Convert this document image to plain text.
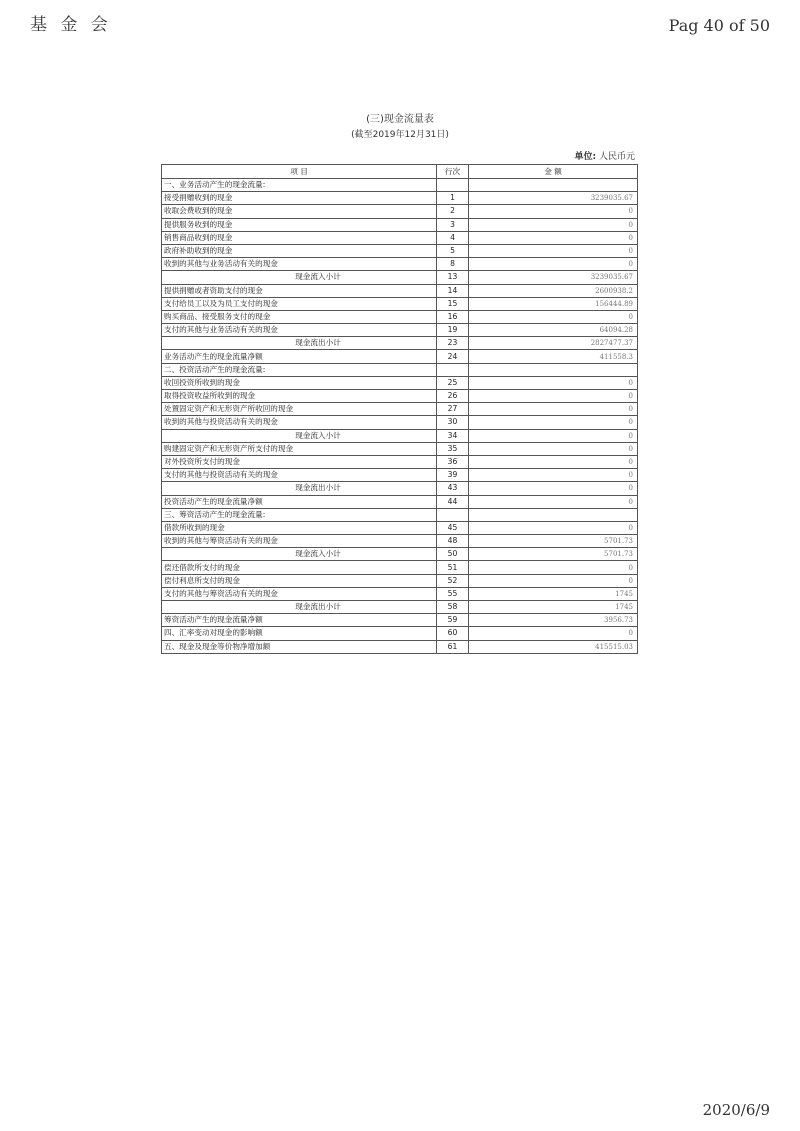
基 金 会	Pag 40 of 50
(三)现金流量表
(截至2019年12月31日)
单位: 人民币元
项 目	行次	金 额
一、业务活动产生的现金流量:		
接受捐赠收到的现金	1	3239035.67
收取会费收到的现金	2	0
提供服务收到的现金	3	0
销售商品收到的现金	4	0
政府补助收到的现金	5	0
收到的其他与业务活动有关的现金	8	0
现金流入小计	13	3239035.67
提供捐赠或者资助支付的现金	14	2600938.2
支付给员工以及为员工支付的现金	15	156444.89
购买商品、接受服务支付的现金	16	0
支付的其他与业务活动有关的现金	19	64094.28
现金流出小计	23	2827477.37
业务活动产生的现金流量净额	24	411558.3
二、投资活动产生的现金流量:		
收回投资所收到的现金	25	0
取得投资收益所收到的现金	26	0
处置固定资产和无形资产所收回的现金	27	0
收到的其他与投资活动有关的现金	30	0
现金流入小计	34	0
购建固定资产和无形资产所支付的现金	35	0
对外投资所支付的现金	36	0
支付的其他与投资活动有关的现金	39	0
现金流出小计	43	0
投资活动产生的现金流量净额	44	0
三、筹资活动产生的现金流量:		
借款所收到的现金	45	0
收到的其他与筹资活动有关的现金	48	5701.73
现金流入小计	50	5701.73
偿还借款所支付的现金	51	0
偿付利息所支付的现金	52	0
支付的其他与筹资活动有关的现金	55	1745
现金流出小计	58	1745
筹资活动产生的现金流量净额	59	3956.73
四、汇率变动对现金的影响额	60	0
五、现金及现金等价物净增加额	61	415515.03
2020/6/9
